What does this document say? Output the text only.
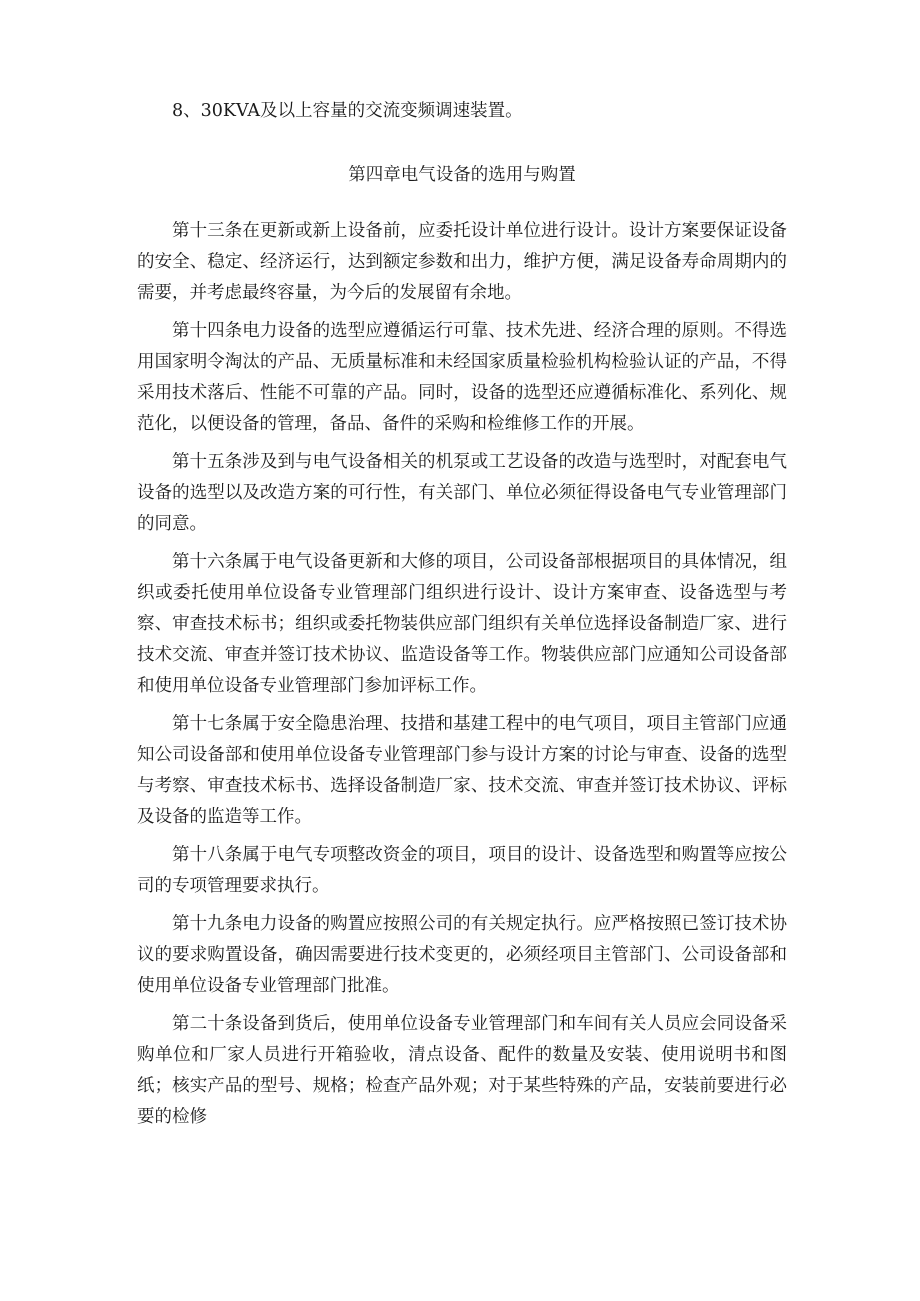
8、30KVA及以上容量的交流变频调速装置。

第四章电气设备的选用与购置

第十三条在更新或新上设备前，应委托设计单位进行设计。设计方案要保证设备的安全、稳定、经济运行，达到额定参数和出力，维护方便，满足设备寿命周期内的需要，并考虑最终容量，为今后的发展留有余地。

第十四条电力设备的选型应遵循运行可靠、技术先进、经济合理的原则。不得选用国家明令淘汰的产品、无质量标准和未经国家质量检验机构检验认证的产品，不得采用技术落后、性能不可靠的产品。同时，设备的选型还应遵循标准化、系列化、规范化，以便设备的管理，备品、备件的采购和检维修工作的开展。

第十五条涉及到与电气设备相关的机泵或工艺设备的改造与选型时，对配套电气设备的选型以及改造方案的可行性，有关部门、单位必须征得设备电气专业管理部门的同意。

第十六条属于电气设备更新和大修的项目，公司设备部根据项目的具体情况，组织或委托使用单位设备专业管理部门组织进行设计、设计方案审查、设备选型与考察、审查技术标书；组织或委托物装供应部门组织有关单位选择设备制造厂家、进行技术交流、审查并签订技术协议、监造设备等工作。物装供应部门应通知公司设备部和使用单位设备专业管理部门参加评标工作。

第十七条属于安全隐患治理、技措和基建工程中的电气项目，项目主管部门应通知公司设备部和使用单位设备专业管理部门参与设计方案的讨论与审查、设备的选型与考察、审查技术标书、选择设备制造厂家、技术交流、审查并签订技术协议、评标及设备的监造等工作。

第十八条属于电气专项整改资金的项目，项目的设计、设备选型和购置等应按公司的专项管理要求执行。

第十九条电力设备的购置应按照公司的有关规定执行。应严格按照已签订技术协议的要求购置设备，确因需要进行技术变更的，必须经项目主管部门、公司设备部和使用单位设备专业管理部门批准。

第二十条设备到货后，使用单位设备专业管理部门和车间有关人员应会同设备采购单位和厂家人员进行开箱验收，清点设备、配件的数量及安装、使用说明书和图纸；核实产品的型号、规格；检查产品外观；对于某些特殊的产品，安装前要进行必要的检修
